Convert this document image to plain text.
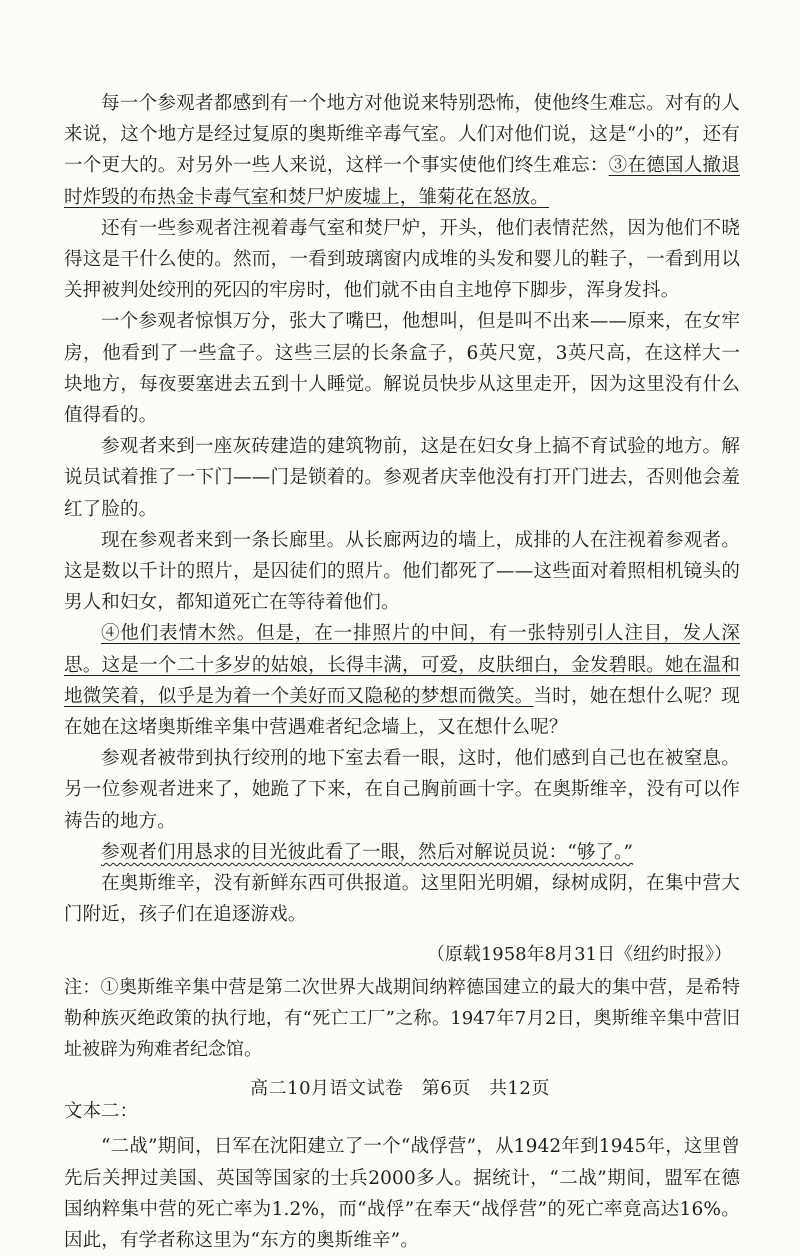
每一个参观者都感到有一个地方对他说来特别恐怖，使他终生难忘。对有的人来说，这个地方是经过复原的奥斯维辛毒气室。人们对他们说，这是“小的”，还有一个更大的。对另外一些人来说，这样一个事实使他们终生难忘：③在德国人撤退时炸毁的布热金卡毒气室和焚尸炉废墟上，雏菊花在怒放。

还有一些参观者注视着毒气室和焚尸炉，开头，他们表情茫然，因为他们不晓得这是干什么使的。然而，一看到玻璃窗内成堆的头发和婴儿的鞋子，一看到用以关押被判处绞刑的死囚的牢房时，他们就不由自主地停下脚步，浑身发抖。

一个参观者惊惧万分，张大了嘴巴，他想叫，但是叫不出来——原来，在女牢房，他看到了一些盒子。这些三层的长条盒子，6英尺宽，3英尺高，在这样大一块地方，每夜要塞进去五到十人睡觉。解说员快步从这里走开，因为这里没有什么值得看的。

参观者来到一座灰砖建造的建筑物前，这是在妇女身上搞不育试验的地方。解说员试着推了一下门——门是锁着的。参观者庆幸他没有打开门进去，否则他会羞红了脸的。

现在参观者来到一条长廊里。从长廊两边的墙上，成排的人在注视着参观者。这是数以千计的照片，是囚徒们的照片。他们都死了——这些面对着照相机镜头的男人和妇女，都知道死亡在等待着他们。

④他们表情木然。但是，在一排照片的中间，有一张特别引人注目，发人深思。这是一个二十多岁的姑娘，长得丰满，可爱，皮肤细白，金发碧眼。她在温和地微笑着，似乎是为着一个美好而又隐秘的梦想而微笑。当时，她在想什么呢？现在她在这堵奥斯维辛集中营遇难者纪念墙上，又在想什么呢？

参观者被带到执行绞刑的地下室去看一眼，这时，他们感到自己也在被窒息。另一位参观者进来了，她跪了下来，在自己胸前画十字。在奥斯维辛，没有可以作祷告的地方。

参观者们用恳求的目光彼此看了一眼，然后对解说员说：“够了。”

在奥斯维辛，没有新鲜东西可供报道。这里阳光明媚，绿树成阴，在集中营大门附近，孩子们在追逐游戏。

（原载1958年8月31日《纽约时报》）

注：①奥斯维辛集中营是第二次世界大战期间纳粹德国建立的最大的集中营，是希特勒种族灭绝政策的执行地，有“死亡工厂”之称。1947年7月2日，奥斯维辛集中营旧址被辟为殉难者纪念馆。

文本二：

“二战”期间，日军在沈阳建立了一个“战俘营”，从1942年到1945年，这里曾先后关押过美国、英国等国家的士兵2000多人。据统计，“二战”期间，盟军在德国纳粹集中营的死亡率为1.2%，而“战俘”在奉天“战俘营”的死亡率竟高达16%。因此，有学者称这里为“东方的奥斯维辛”。

高二10月语文试卷 第6页 共12页
